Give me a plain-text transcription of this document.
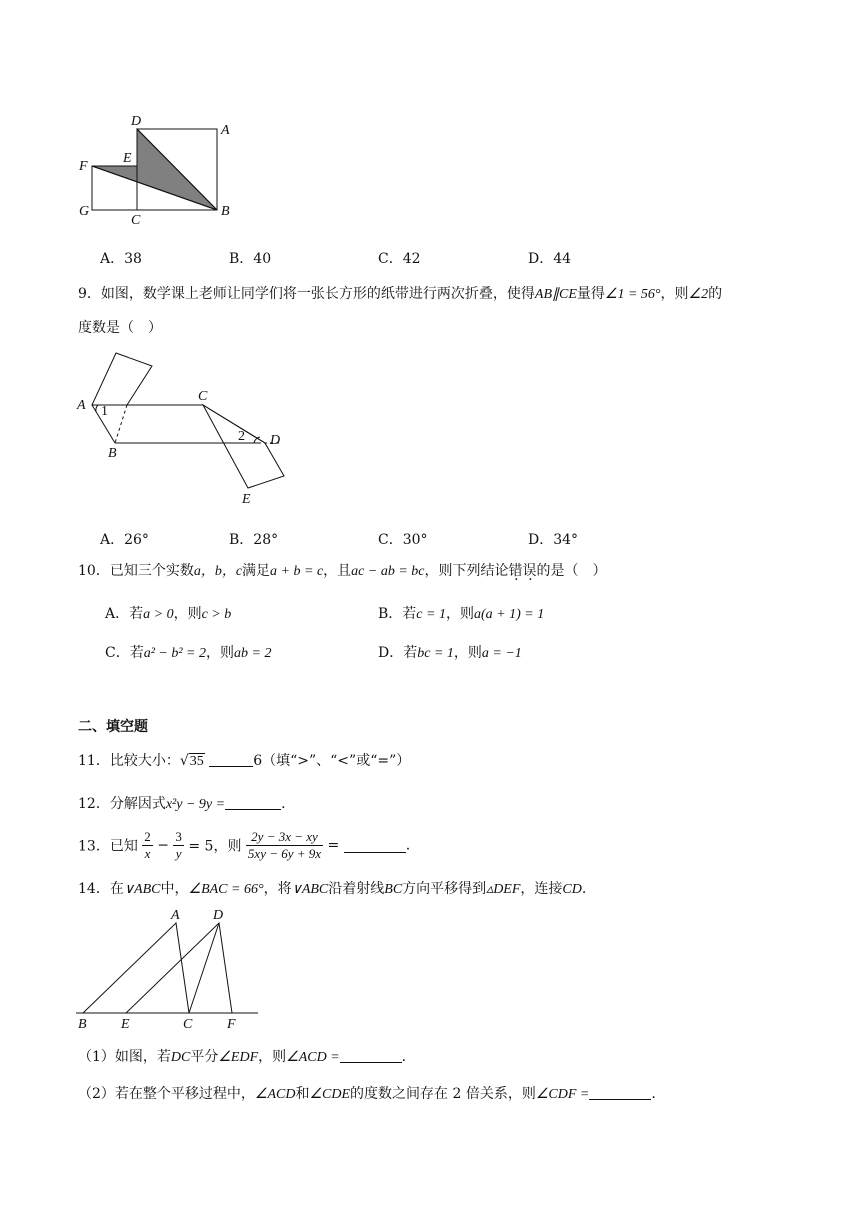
D
A
F
E
G
C
B
A．38	B．40	C．42	D．44
9．如图，数学课上老师让同学们将一张长方形的纸带进行两次折叠，使得AB∥CE量得∠1 = 56°，则∠2的
度数是（　）
A 1
C
2 D
B
E
A．26°	B．28°	C．30°	D．34°
10．已知三个实数a，b，c满足a + b = c，且ac − ab = bc，则下列结论错误的是（　）
A．若a > 0，则c > b	B．若c = 1，则a(a + 1) = 1
C．若a² − b² = 2，则ab = 2	D．若bc = 1，则a = −1
二、填空题
11．比较大小：√35	6（填“>”、“<”或“=”）
12．分解因式x²y − 9y =	.
13．已知 $\frac{2}{x} - \frac{3}{y} = 5$，则 $\frac{2y - 3x - xy}{5xy - 6y + 9x}$ =	.
14．在∨ABC中，∠BAC = 66°，将∨ABC沿着射线BC方向平移得到▵DEF，连接CD.
A D
B E	C F
（1）如图，若DC平分∠EDF，则∠ACD =	.
（2）若在整个平移过程中，∠ACD和∠CDE的度数之间存在 2 倍关系，则∠CDF =	.
